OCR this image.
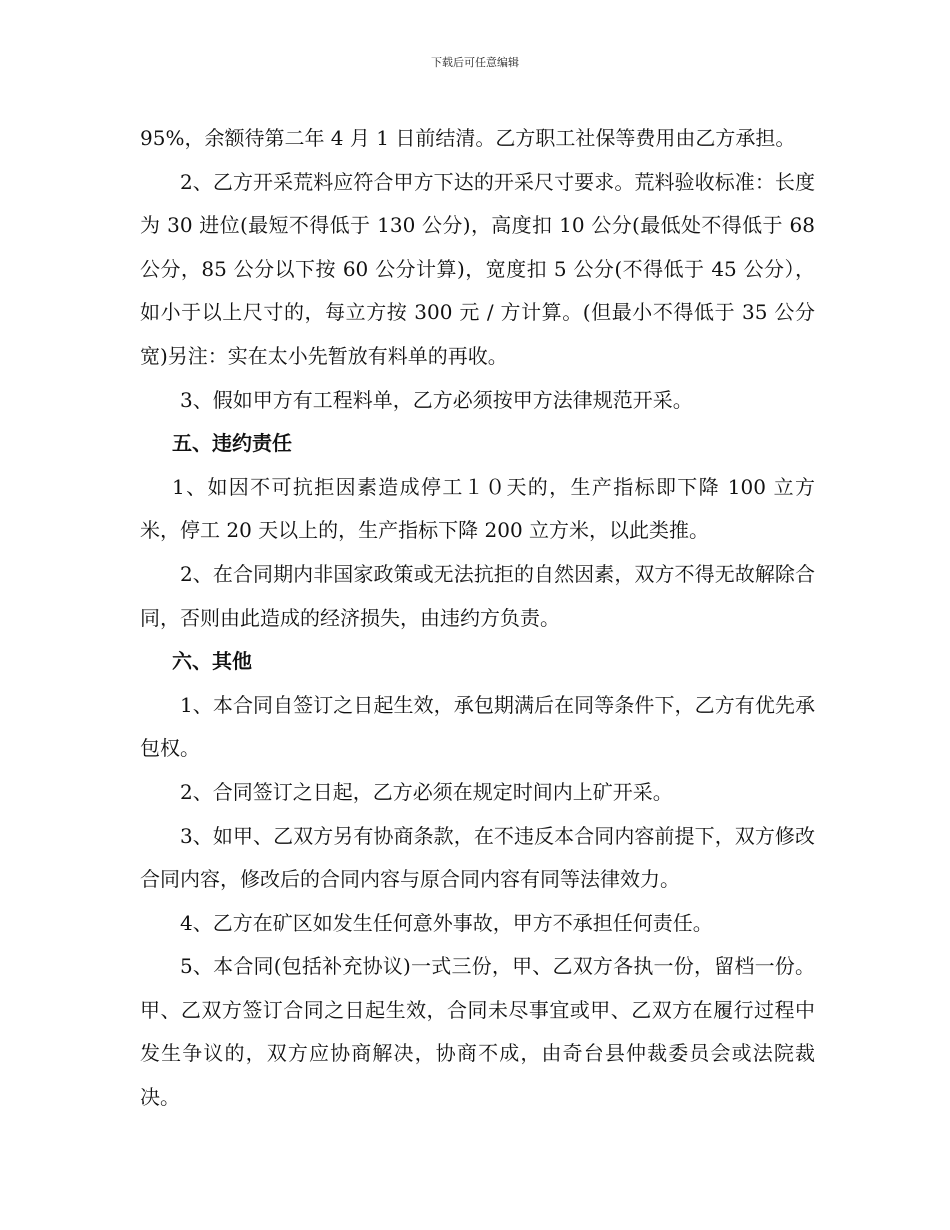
下载后可任意编辑

95%，余额待第二年 4 月 1 日前结清。乙方职工社保等费用由乙方承担。

2、乙方开采荒料应符合甲方下达的开采尺寸要求。荒料验收标准：长度为 30 进位(最短不得低于 130 公分)，高度扣 10 公分(最低处不得低于 68 公分，85 公分以下按 60 公分计算)，宽度扣 5 公分(不得低于 45 公分），如小于以上尺寸的，每立方按 300 元 / 方计算。(但最小不得低于 35 公分宽)另注：实在太小先暂放有料单的再收。

3、假如甲方有工程料单，乙方必须按甲方法律规范开采。

五、违约责任

1、如因不可抗拒因素造成停工１０天的，生产指标即下降 100 立方米，停工 20 天以上的，生产指标下降 200 立方米，以此类推。

2、在合同期内非国家政策或无法抗拒的自然因素，双方不得无故解除合同，否则由此造成的经济损失，由违约方负责。

六、其他

1、本合同自签订之日起生效，承包期满后在同等条件下，乙方有优先承包权。

2、合同签订之日起，乙方必须在规定时间内上矿开采。

3、如甲、乙双方另有协商条款，在不违反本合同内容前提下，双方修改合同内容，修改后的合同内容与原合同内容有同等法律效力。

4、乙方在矿区如发生任何意外事故，甲方不承担任何责任。

5、本合同(包括补充协议)一式三份，甲、乙双方各执一份，留档一份。甲、乙双方签订合同之日起生效，合同未尽事宜或甲、乙双方在履行过程中发生争议的，双方应协商解决，协商不成，由奇台县仲裁委员会或法院裁决。
